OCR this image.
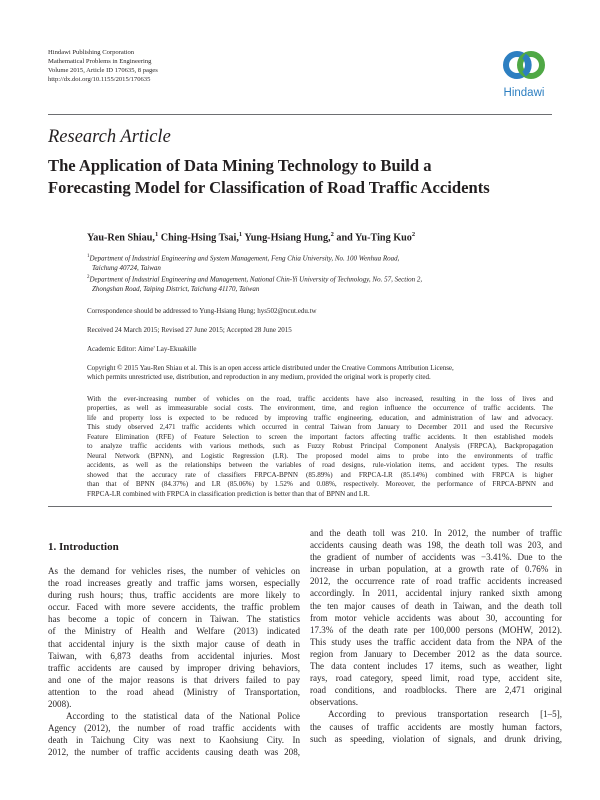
Hindawi Publishing Corporation
Mathematical Problems in Engineering
Volume 2015, Article ID 170635, 8 pages
http://dx.doi.org/10.1155/2015/170635
Hindawi
Research Article
The Application of Data Mining Technology to Build a
Forecasting Model for Classification of Road Traffic Accidents
Yau-Ren Shiau,$^1$ Ching-Hsing Tsai,$^1$ Yung-Hsiang Hung,$^2$ and Yu-Ting Kuo$^2$
$^1$Department of Industrial Engineering and System Management, Feng Chia University, No. 100 Wenhua Road,
Taichung 40724, Taiwan
$^2$Department of Industrial Engineering and Management, National Chin-Yi University of Technology, No. 57, Section 2,
Zhongshan Road, Taiping District, Taichung 41170, Taiwan
Correspondence should be addressed to Yung-Hsiang Hung; hys502@ncut.edu.tw
Received 24 March 2015; Revised 27 June 2015; Accepted 28 June 2015
Academic Editor: Aime' Lay-Ekuakille
Copyright © 2015 Yau-Ren Shiau et al. This is an open access article distributed under the Creative Commons Attribution License,
which permits unrestricted use, distribution, and reproduction in any medium, provided the original work is properly cited.
With the ever-increasing number of vehicles on the road, traffic accidents have also increased, resulting in the loss of lives and
properties, as well as immeasurable social costs. The environment, time, and region influence the occurrence of traffic accidents. The
life and property loss is expected to be reduced by improving traffic engineering, education, and administration of law and advocacy.
This study observed 2,471 traffic accidents which occurred in central Taiwan from January to December 2011 and used the Recursive
Feature Elimination (RFE) of Feature Selection to screen the important factors affecting traffic accidents. It then established models
to analyze traffic accidents with various methods, such as Fuzzy Robust Principal Component Analysis (FRPCA), Backpropagation
Neural Network (BPNN), and Logistic Regression (LR). The proposed model aims to probe into the environments of traffic
accidents, as well as the relationships between the variables of road designs, rule-violation items, and accident types. The results
showed that the accuracy rate of classifiers FRPCA-BPNN (85.89%) and FRPCA-LR (85.14%) combined with FRPCA is higher
than that of BPNN (84.37%) and LR (85.06%) by 1.52% and 0.08%, respectively. Moreover, the performance of FRPCA-BPNN and
FRPCA-LR combined with FRPCA in classification prediction is better than that of BPNN and LR.
1. Introduction
As the demand for vehicles rises, the number of vehicles on
the road increases greatly and traffic jams worsen, especially
during rush hours; thus, traffic accidents are more likely to
occur. Faced with more severe accidents, the traffic problem
has become a topic of concern in Taiwan. The statistics
of the Ministry of Health and Welfare (2013) indicated
that accidental injury is the sixth major cause of death in
Taiwan, with 6,873 deaths from accidental injuries. Most
traffic accidents are caused by improper driving behaviors,
and one of the major reasons is that drivers failed to pay
attention to the road ahead (Ministry of Transportation,
2008).
According to the statistical data of the National Police
Agency (2012), the number of road traffic accidents with
death in Taichung City was next to Kaohsiung City. In
2012, the number of traffic accidents causing death was 208,
and the death toll was 210. In 2012, the number of traffic
accidents causing death was 198, the death toll was 203, and
the gradient of number of accidents was −3.41%. Due to the
increase in urban population, at a growth rate of 0.76% in
2012, the occurrence rate of road traffic accidents increased
accordingly. In 2011, accidental injury ranked sixth among
the ten major causes of death in Taiwan, and the death toll
from motor vehicle accidents was about 30, accounting for
17.3% of the death rate per 100,000 persons (MOHW, 2012).
This study uses the traffic accident data from the NPA of the
region from January to December 2012 as the data source.
The data content includes 17 items, such as weather, light
rays, road category, speed limit, road type, accident site,
road conditions, and roadblocks. There are 2,471 original
observations.
According to previous transportation research [1–5],
the causes of traffic accidents are mostly human factors,
such as speeding, violation of signals, and drunk driving,
